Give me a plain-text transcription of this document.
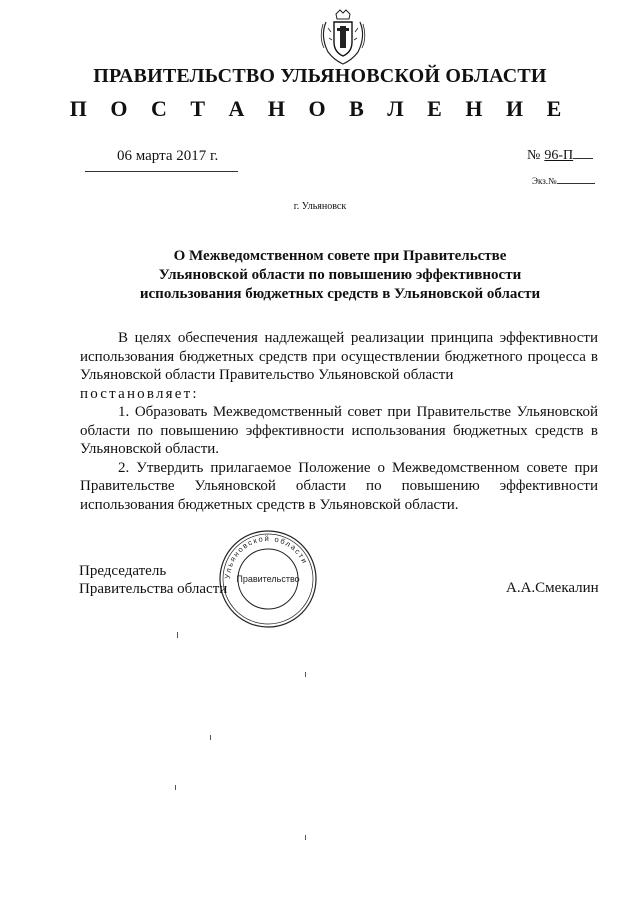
ПРАВИТЕЛЬСТВО УЛЬЯНОВСКОЙ ОБЛАСТИ
П О С Т А Н О В Л Е Н И Е
06 марта 2017 г.	№ 96-П
Экз.№
г. Ульяновск
О Межведомственном совете при Правительстве
Ульяновской области по повышению эффективности
использования бюджетных средств в Ульяновской области

В целях обеспечения надлежащей реализации принципа эффективности использования бюджетных средств при осуществлении бюджетного процесса в Ульяновской области Правительство Ульяновской области

постановляет:

1. Образовать Межведомственный совет при Правительстве Ульяновской области по повышению эффективности использования бюджетных средств в Ульяновской области.

2. Утвердить прилагаемое Положение о Межведомственном совете при Правительстве Ульяновской области по повышению эффективности использования бюджетных средств в Ульяновской области.

Ульяновской области
Правительство
Председатель
Правительства области	А.А.Смекалин
